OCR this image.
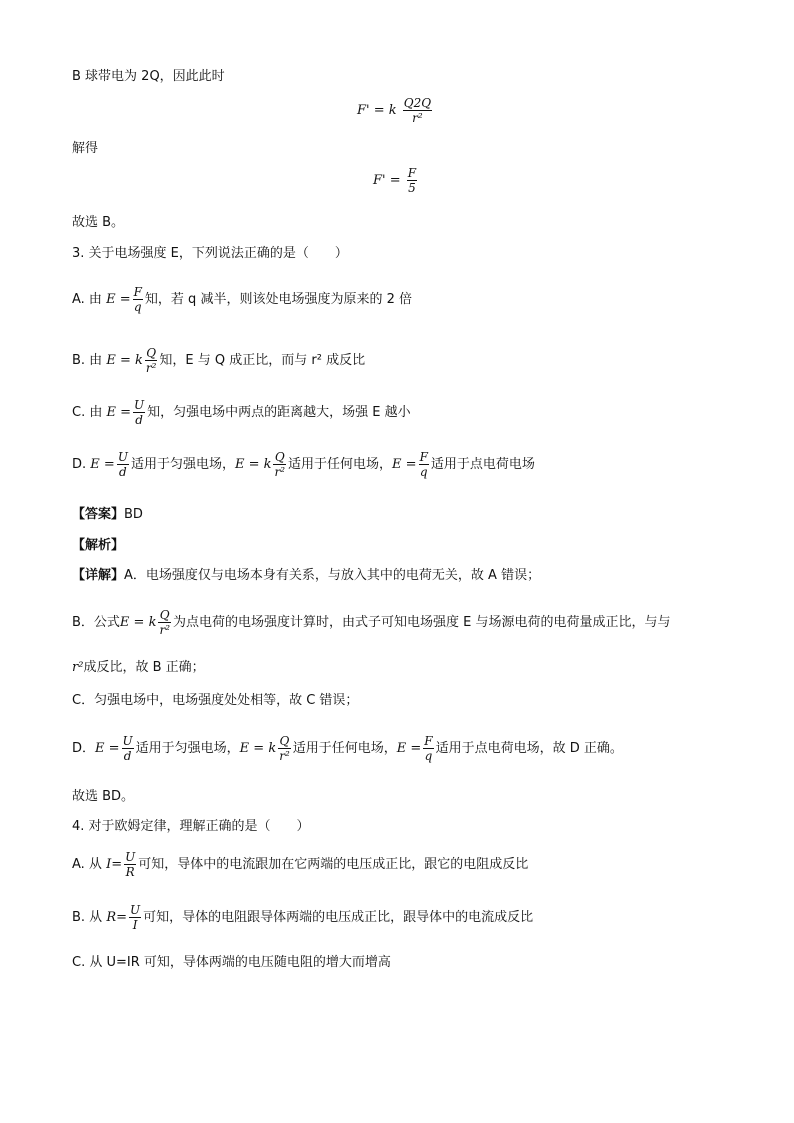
B 球带电为 2Q，因此此时
F' = k $\frac{Q2Q}{\text{r²}}$
解得
$F' = \frac{F}{5}$
故选 B。
3. 关于电场强度 E，下列说法正确的是（　　）
A. 由 $E = \frac{F}{q}$ 知，若 q 减半，则该处电场强度为原来的 2 倍
B. 由 E = k $\frac{Q}{\text{r²}}$ 知，E 与 Q 成正比，而与 r² 成反比
C. 由 $E = \frac{U}{d}$ 知，匀强电场中两点的距离越大，场强 E 越小
D. $E = \frac{U}{d}$ 适用于匀强电场，E = k $\frac{Q}{\text{r²}}$ 适用于任何电场，$E = \frac{F}{q}$ 适用于点电荷电场
【答案】BD
【解析】
【详解】A．电场强度仅与电场本身有关系，与放入其中的电荷无关，故 A 错误；
B．公式E = k $\frac{Q}{\text{r²}}$ 为点电荷的电场强度计算时，由式子可知电场强度 E 与场源电荷的电荷量成正比，与与
r²成反比，故 B 正确；
C．匀强电场中，电场强度处处相等，故 C 错误；
D．$E = \frac{U}{d}$ 适用于匀强电场，E = k $\frac{Q}{\text{r²}}$ 适用于任何电场，$E = \frac{F}{q}$ 适用于点电荷电场，故 D 正确。
故选 BD。
4. 对于欧姆定律，理解正确的是（　　）
A. 从 $I= \frac{U}{R}$ 可知，导体中的电流跟加在它两端的电压成正比，跟它的电阻成反比
B. 从 $R= \frac{U}{I}$ 可知，导体的电阻跟导体两端的电压成正比，跟导体中的电流成反比
C. 从 U=IR 可知，导体两端的电压随电阻的增大而增高
